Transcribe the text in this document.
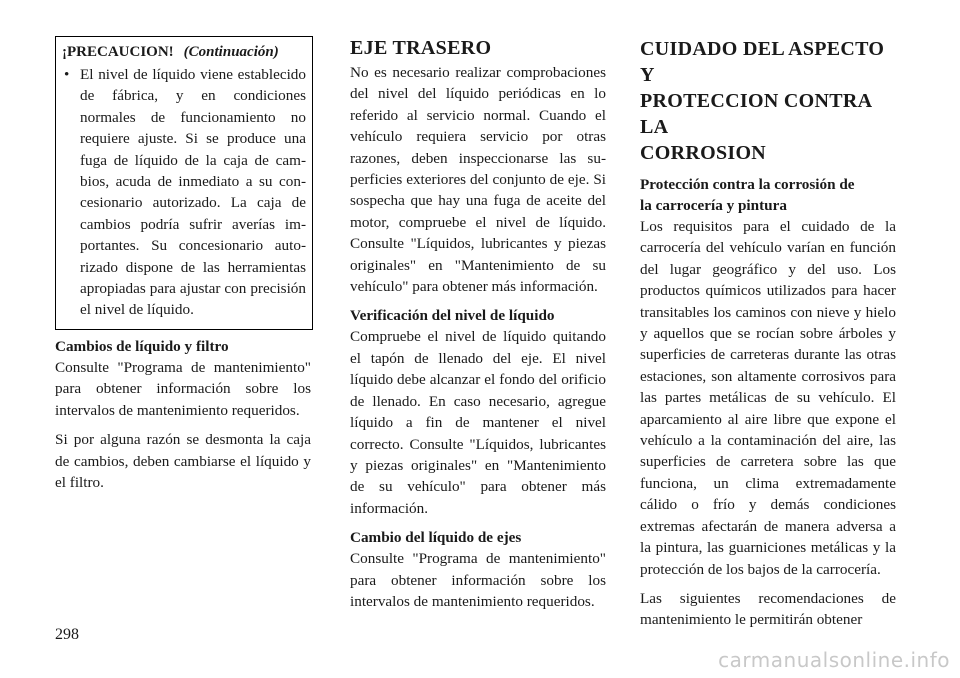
¡PRECAUCION! (Continuación)
• El nivel de líquido viene establecido de fábrica, y en condiciones normales de funcionamiento no requiere ajuste. Si se produce una fuga de líquido de la caja de cambios, acuda de inmediato a su concesionario autorizado. La caja de cambios podría sufrir averías importantes. Su concesionario autorizado dispone de las herramientas apropiadas para ajustar con precisión el nivel de líquido.
Cambios de líquido y filtro

Consulte "Programa de mantenimiento" para obtener información sobre los intervalos de mantenimiento requeridos.

Si por alguna razón se desmonta la caja de cambios, deben cambiarse el líquido y el filtro.

EJE TRASERO

No es necesario realizar comprobaciones del nivel del líquido periódicas en lo referido al servicio normal. Cuando el vehículo requiera servicio por otras razones, deben inspeccionarse las superficies exteriores del conjunto de eje. Si sospecha que hay una fuga de aceite del motor, compruebe el nivel de líquido. Consulte "Líquidos, lubricantes y piezas originales" en "Mantenimiento de su vehículo" para obtener más información.

Verificación del nivel de líquido

Compruebe el nivel de líquido quitando el tapón de llenado del eje. El nivel líquido debe alcanzar el fondo del orificio de llenado. En caso necesario, agregue líquido a fin de mantener el nivel correcto. Consulte "Líquidos, lubricantes y piezas originales" en "Mantenimiento de su vehículo" para obtener más información.

Cambio del líquido de ejes

Consulte "Programa de mantenimiento" para obtener información sobre los intervalos de mantenimiento requeridos.

CUIDADO DEL ASPECTO Y
PROTECCION CONTRA LA
CORROSION
Protección contra la corrosión de
la carrocería y pintura

Los requisitos para el cuidado de la carrocería del vehículo varían en función del lugar geográfico y del uso. Los productos químicos utilizados para hacer transitables los caminos con nieve y hielo y aquellos que se rocían sobre árboles y superficies de carreteras durante las otras estaciones, son altamente corrosivos para las partes metálicas de su vehículo. El aparcamiento al aire libre que expone el vehículo a la contaminación del aire, las superficies de carretera sobre las que funciona, un clima extremadamente cálido o frío y demás condiciones extremas afectarán de manera adversa a la pintura, las guarniciones metálicas y la protección de los bajos de la carrocería.

Las siguientes recomendaciones de mantenimiento le permitirán obtener

298
carmanualsonline.info
